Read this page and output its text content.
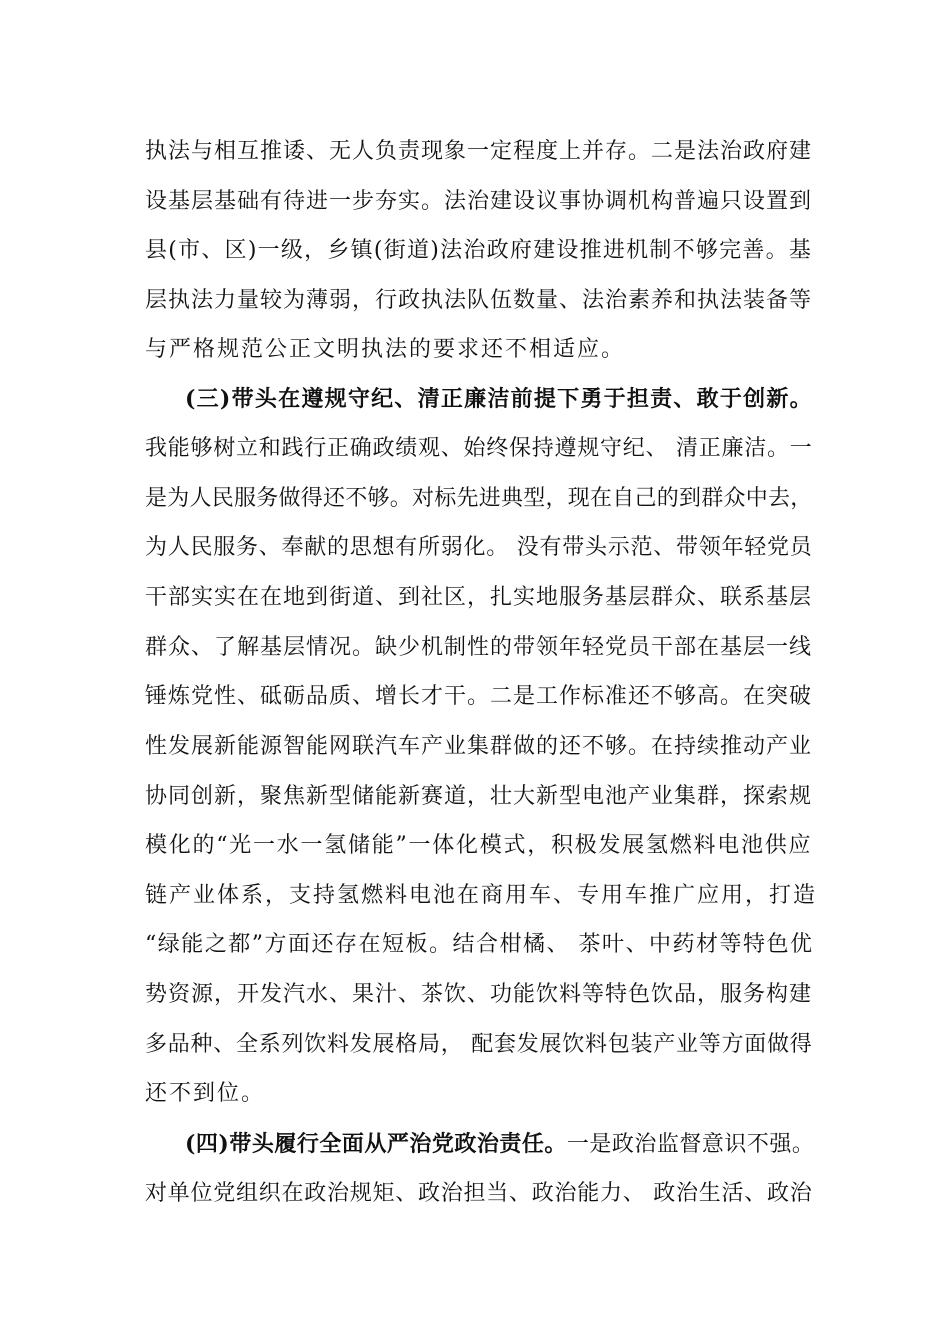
执法与相互推诿、无人负责现象一定程度上并存。二是法治政府建
设基层基础有待进一步夯实。法治建设议事协调机构普遍只设置到
县(市、区)一级，乡镇(街道)法治政府建设推进机制不够完善。基
层执法力量较为薄弱，行政执法队伍数量、法治素养和执法装备等
与严格规范公正文明执法的要求还不相适应。
(三)带头在遵规守纪、清正廉洁前提下勇于担责、敢于创新。
我能够树立和践行正确政绩观、始终保持遵规守纪、 清正廉洁。一
是为人民服务做得还不够。对标先进典型，现在自己的到群众中去，
为人民服务、奉献的思想有所弱化。 没有带头示范、带领年轻党员
干部实实在在地到街道、到社区，扎实地服务基层群众、联系基层
群众、了解基层情况。缺少机制性的带领年轻党员干部在基层一线
锤炼党性、砥砺品质、增长才干。二是工作标准还不够高。在突破
性发展新能源智能网联汽车产业集群做的还不够。在持续推动产业
协同创新，聚焦新型储能新赛道，壮大新型电池产业集群，探索规
模化的“光一水一氢储能”一体化模式，积极发展氢燃料电池供应
链产业体系，支持氢燃料电池在商用车、专用车推广应用，打造
“绿能之都”方面还存在短板。结合柑橘、 茶叶、中药材等特色优
势资源，开发汽水、果汁、茶饮、功能饮料等特色饮品，服务构建
多品种、全系列饮料发展格局， 配套发展饮料包装产业等方面做得
还不到位。
(四)带头履行全面从严治党政治责任。一是政治监督意识不强。
对单位党组织在政治规矩、政治担当、政治能力、 政治生活、政治
